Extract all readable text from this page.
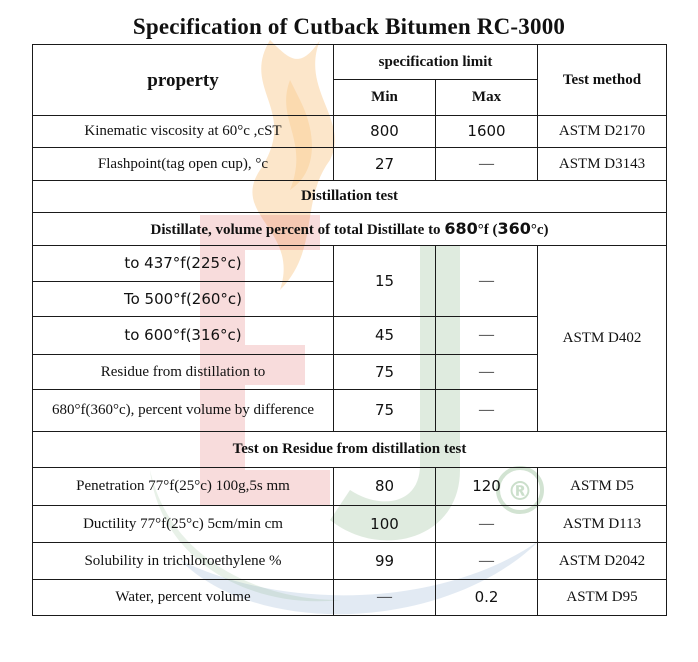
®
Specification of Cutback Bitumen RC-3000
property	specification limit		Test method
	Min	Max	
Kinematic viscosity at 60°c ,cST	800	1600	ASTM D2170
Flashpoint(tag open cup), °c	27	—	ASTM D3143
Distillation test			
Distillate, volume percent of total Distillate to 680°f (360°c)			
to 437°f(225°c)	15	—	ASTM D402
To 500°f(260°c)			
to 600°f(316°c)	45	—	
Residue from distillation to	75	—	
680°f(360°c), percent volume by difference	75	—	
Test on Residue from distillation test			
Penetration 77°f(25°c) 100g,5s mm	80	120	ASTM D5
Ductility 77°f(25°c) 5cm/min cm	100	—	ASTM D113
Solubility in trichloroethylene %	99	—	ASTM D2042
Water, percent volume	—	0.2	ASTM D95
